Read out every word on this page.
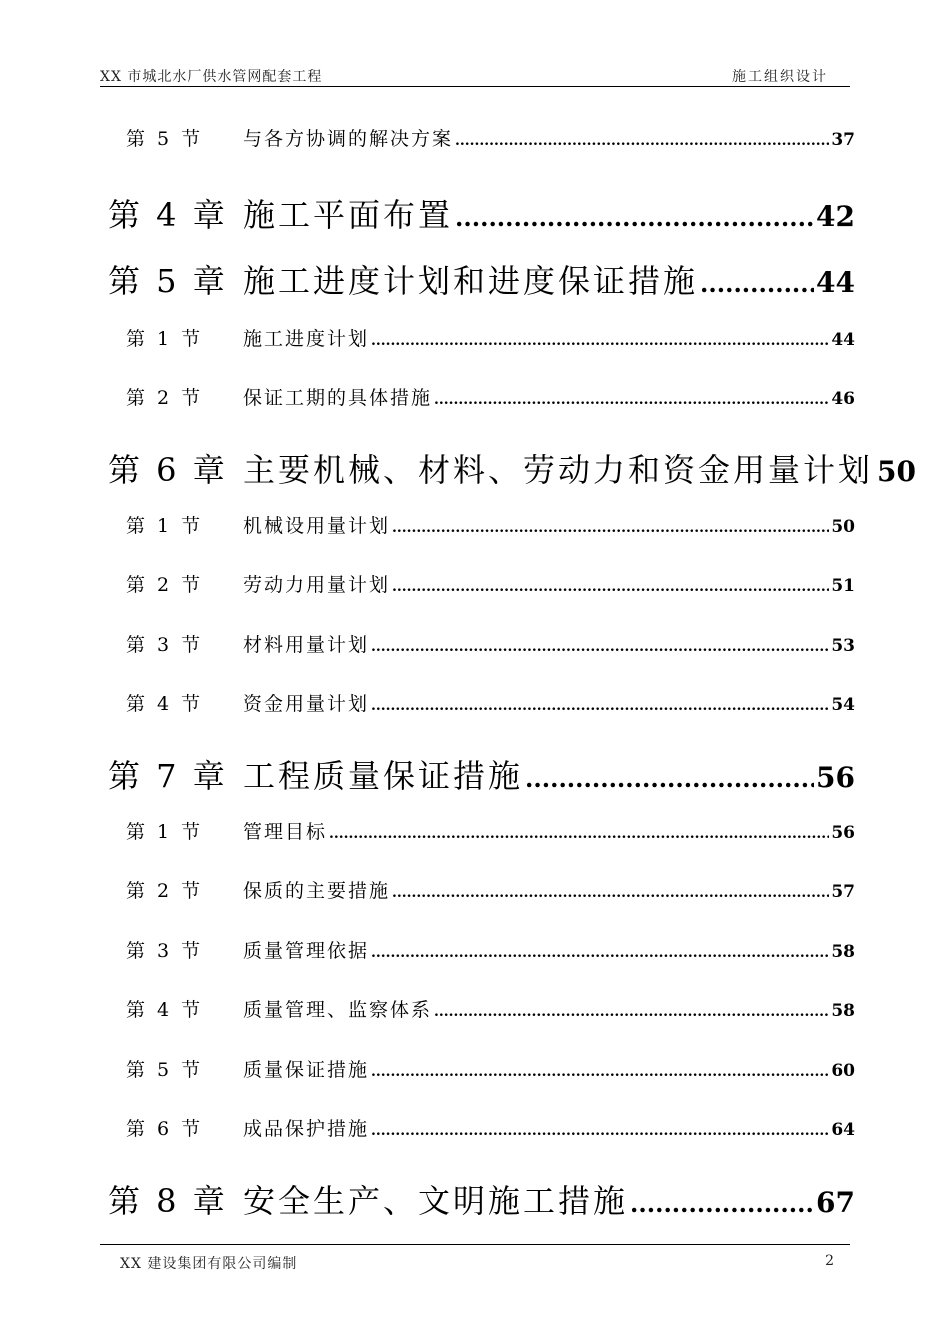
XX 市城北水厂供水管网配套工程	施工组织设计
第 5 节 与各方协调的解决方案 .....	37
第 4 章 施工平面布置 .....	42
第 5 章 施工进度计划和进度保证措施 .....	44
第 1 节 施工进度计划 .....	44
第 2 节 保证工期的具体措施 .....	46
第 6 章 主要机械、材料、劳动力和资金用量计划 50
第 1 节 机械设用量计划 .....	50
第 2 节 劳动力用量计划 .....	51
第 3 节 材料用量计划 .....	53
第 4 节 资金用量计划 .....	54
第 7 章 工程质量保证措施 .....	56
第 1 节 管理目标 .....	56
第 2 节 保质的主要措施 .....	57
第 3 节 质量管理依据 .....	58
第 4 节 质量管理、监察体系 .....	58
第 5 节 质量保证措施 .....	60
第 6 节 成品保护措施 .....	64
第 8 章 安全生产、文明施工措施 .....	67
XX 建设集团有限公司编制	2
